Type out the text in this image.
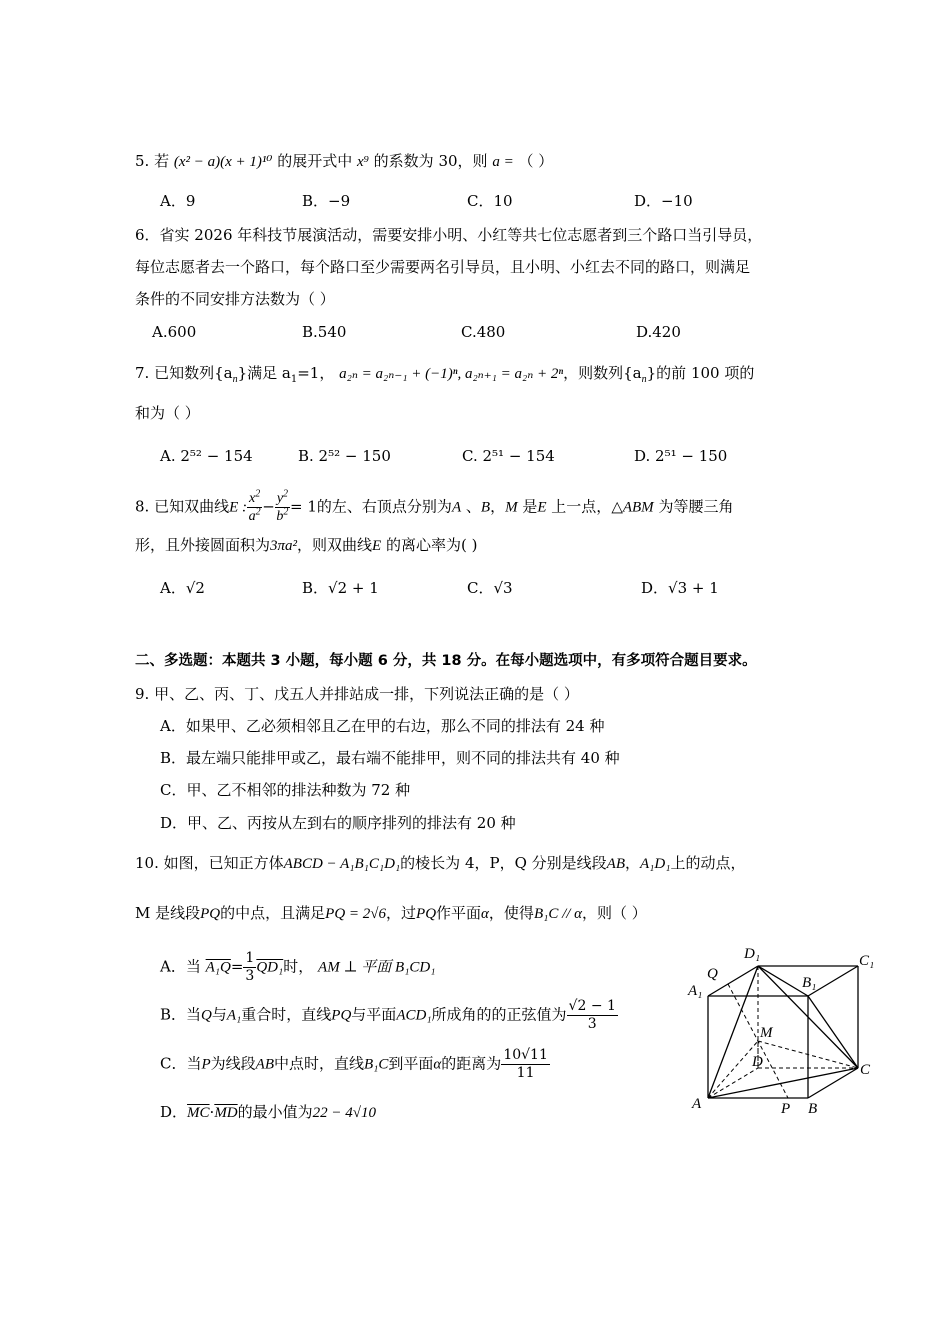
5. 若 (x² − a)(x + 1)¹⁰ 的展开式中 x⁹ 的系数为 30，则 a = （ ）
A．9	B．−9	C．10	D．−10
6．省实 2026 年科技节展演活动，需要安排小明、小红等共七位志愿者到三个路口当引导员，
每位志愿者去一个路口，每个路口至少需要两名引导员，且小明、小红去不同的路口，则满足
条件的不同安排方法数为（ ）
A.600	B.540	C.480	D.420
7. 已知数列$\{a_n\}$满足 $a_1=1$， a₂ₙ = a₂ₙ₋₁ + (−1)ⁿ, a₂ₙ₊₁ = a₂ₙ + 2ⁿ，则数列$\{a_n\}$的前 100 项的
和为（ ）
A. 2⁵² − 154	B. 2⁵² − 150	C. 2⁵¹ − 154	D. 2⁵¹ − 150
8. 已知双曲线E : $\frac{x^2}{a^2} - \frac{y^2}{b^2} = 1$的左、右顶点分别为A 、B，M 是E 上一点，△ABM 为等腰三角
形，且外接圆面积为3πa²，则双曲线E 的离心率为( )
A．√2	B．√2 + 1	C．√3	D．√3 + 1
二、多选题：本题共 3 小题，每小题 6 分，共 18 分。在每小题选项中，有多项符合题目要求。
9. 甲、乙、丙、丁、戊五人并排站成一排，下列说法正确的是（ ）
A．如果甲、乙必须相邻且乙在甲的右边，那么不同的排法有 24 种
B．最左端只能排甲或乙，最右端不能排甲，则不同的排法共有 40 种
C．甲、乙不相邻的排法种数为 72 种
D．甲、乙、丙按从左到右的顺序排列的排法有 20 种
10. 如图，已知正方体ABCD − A₁B₁C₁D₁的棱长为 4，P，Q 分别是线段AB，A₁D₁上的动点，
M 是线段PQ的中点，且满足PQ = 2√6，过PQ作平面α，使得B₁C // α，则（ ）
A．当 $A_1Q= \frac{1}{3} QD_1$时， AM ⊥ 平面 B₁CD₁
B．当Q与A₁重合时，直线PQ与平面ACD₁所成角的的正弦值为 $\frac{√2 - 1}{3}$
C．当P为线段AB中点时，直线B₁C到平面α的距离为 $\frac{10√11}{11}$
D．$\overline{MC}\cdot\overline{MD}$的最小值为22 − 4√10
A	B
C
D
A₁	B₁
C₁
D₁
P
Q
M
